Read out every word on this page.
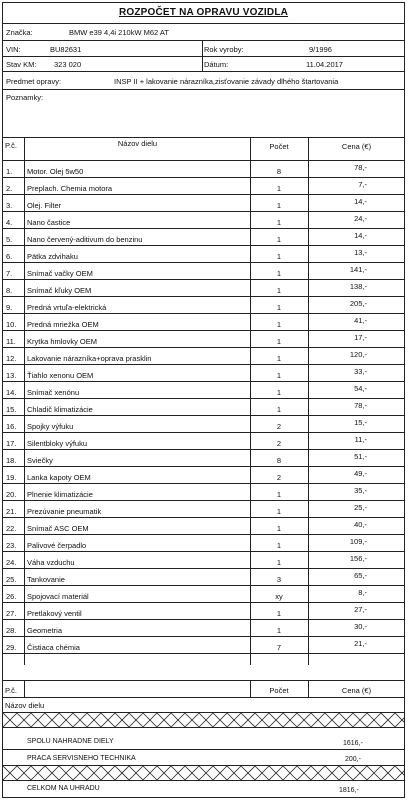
ROZPOČET NA OPRAVU VOZIDLA
Značka:	BMW e39 4,4i 210kW M62 AT
VIN:	BU82631	Rok vyroby:	9/1996
Stav KM: 323 020	Dátum:	11.04.2017
Predmet opravy:	INSP II + lakovanie nárazníka,zisťovanie závady dlhého štartovania
Poznamky:
P.č.	Názov dielu	Počet	Cena (€)
1.	Motor. Olej 5w50	8	78,-
2.	Preplach. Chemia motora	1	7,-
3.	Olej. Filter	1	14,-
4.	Nano častice	1	24,-
5.	Nano červený-aditivum do benzinu	1	14,-
6.	Pätka zdvihaku	1	13,-
7.	Snímač vačky OEM	1	141,-
8.	Snímač kľuky OEM	1	138,-
9.	Predná vrtuľa-elektrická	1	205,-
10.	Predná mriežka OEM	1	41,-
11.	Krytka hmlovky OEM	1	17,-
12.	Lakovanie nárazníka+oprava prasklin	1	120,-
13.	Ťiahlo xenonu OEM	1	33,-
14.	Snímač xenónu	1	54,-
15.	Chladič klimatizácie	1	78,-
16.	Spojky výfuku	2	15,-
17.	Silentbloky výfuku	2	11,-
18.	Sviečky	8	51,-
19.	Lanka kapoty OEM	2	49,-
20.	Plnenie klimatizácie	1	35,-
21.	Prezúvanie pneumatik	1	25,-
22.	Snímač ASC OEM	1	40,-
23.	Palivové čerpadlo	1	109,-
24.	Váha vzduchu	1	156,-
25.	Tankovanie	3	65,-
26.	Spojovací materiál	xy	8,-
27.	Pretlakový ventil	1	27,-
28.	Geometria	1	30,-
29.	Čistiaca chémia	7	21,-
P.č.	Počet	Cena (€)
Názov dielu
SPOLU NAHRADNE DIELY	1616,-
PRACA SERVISNEHO TECHNIKA	200,-
CELKOM NA UHRADU	1816,-
